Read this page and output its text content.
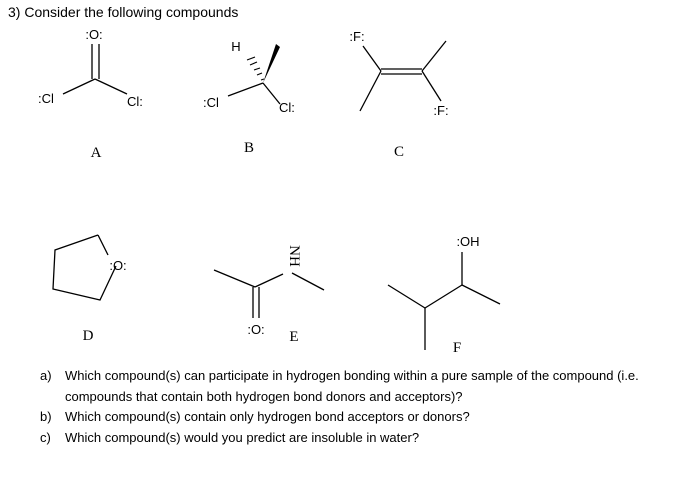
3) Consider the following compounds
:O:
:Cl	Cl:
A
H
:Cl	Cl:
B
:F:
:F:
C
:O:
D
NH
:O: E
:OH
F
a) Which compound(s) can participate in hydrogen bonding within a pure sample of the compound (i.e. compounds that contain both hydrogen bond donors and acceptors)?
b) Which compound(s) contain only hydrogen bond acceptors or donors?
c) Which compound(s) would you predict are insoluble in water?
